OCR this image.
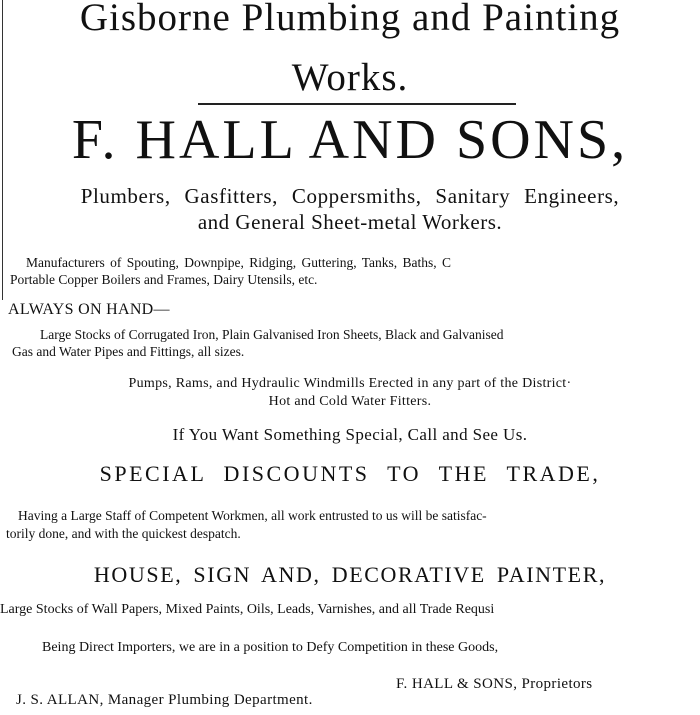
Gisborne Plumbing and Painting
Works.
F. HALL AND SONS,
Plumbers, Gasfitters, Coppersmiths, Sanitary Engineers,
and General Sheet-metal Workers.
Manufacturers of Spouting, Downpipe, Ridging, Guttering, Tanks, Baths, C
Portable Copper Boilers and Frames, Dairy Utensils, etc.
ALWAYS ON HAND—
Large Stocks of Corrugated Iron, Plain Galvanised Iron Sheets, Black and Galvanised
Gas and Water Pipes and Fittings, all sizes.
Pumps, Rams, and Hydraulic Windmills Erected in any part of the District·
Hot and Cold Water Fitters.
If You Want Something Special, Call and See Us.
SPECIAL DISCOUNTS TO THE TRADE,
Having a Large Staff of Competent Workmen, all work entrusted to us will be satisfac-
torily done, and with the quickest despatch.
HOUSE, SIGN AND, DECORATIVE PAINTER,
Large Stocks of Wall Papers, Mixed Paints, Oils, Leads, Varnishes, and all Trade Requsi
Being Direct Importers, we are in a position to Defy Competition in these Goods,
F. HALL & SONS, Proprietors
J. S. ALLAN, Manager Plumbing Department.
